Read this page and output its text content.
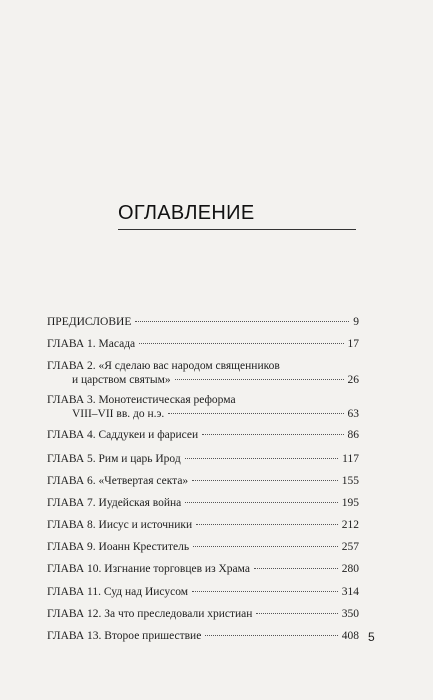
ОГЛАВЛЕНИЕ
ПРЕДИСЛОВИЕ	9
ГЛАВА 1. Масада	17
ГЛАВА 2. «Я сделаю вас народом священников
и царством святым»	26
ГЛАВА 3. Монотеистическая реформа
VIII–VII вв. до н.э.	63
ГЛАВА 4. Саддукеи и фарисеи	86
ГЛАВА 5. Рим и царь Ирод	117
ГЛАВА 6. «Четвертая секта»	155
ГЛАВА 7. Иудейская война	195
ГЛАВА 8. Иисус и источники	212
ГЛАВА 9. Иоанн Креститель	257
ГЛАВА 10. Изгнание торговцев из Храма	280
ГЛАВА 11. Суд над Иисусом	314
ГЛАВА 12. За что преследовали христиан	350
ГЛАВА 13. Второе пришествие	408 5
